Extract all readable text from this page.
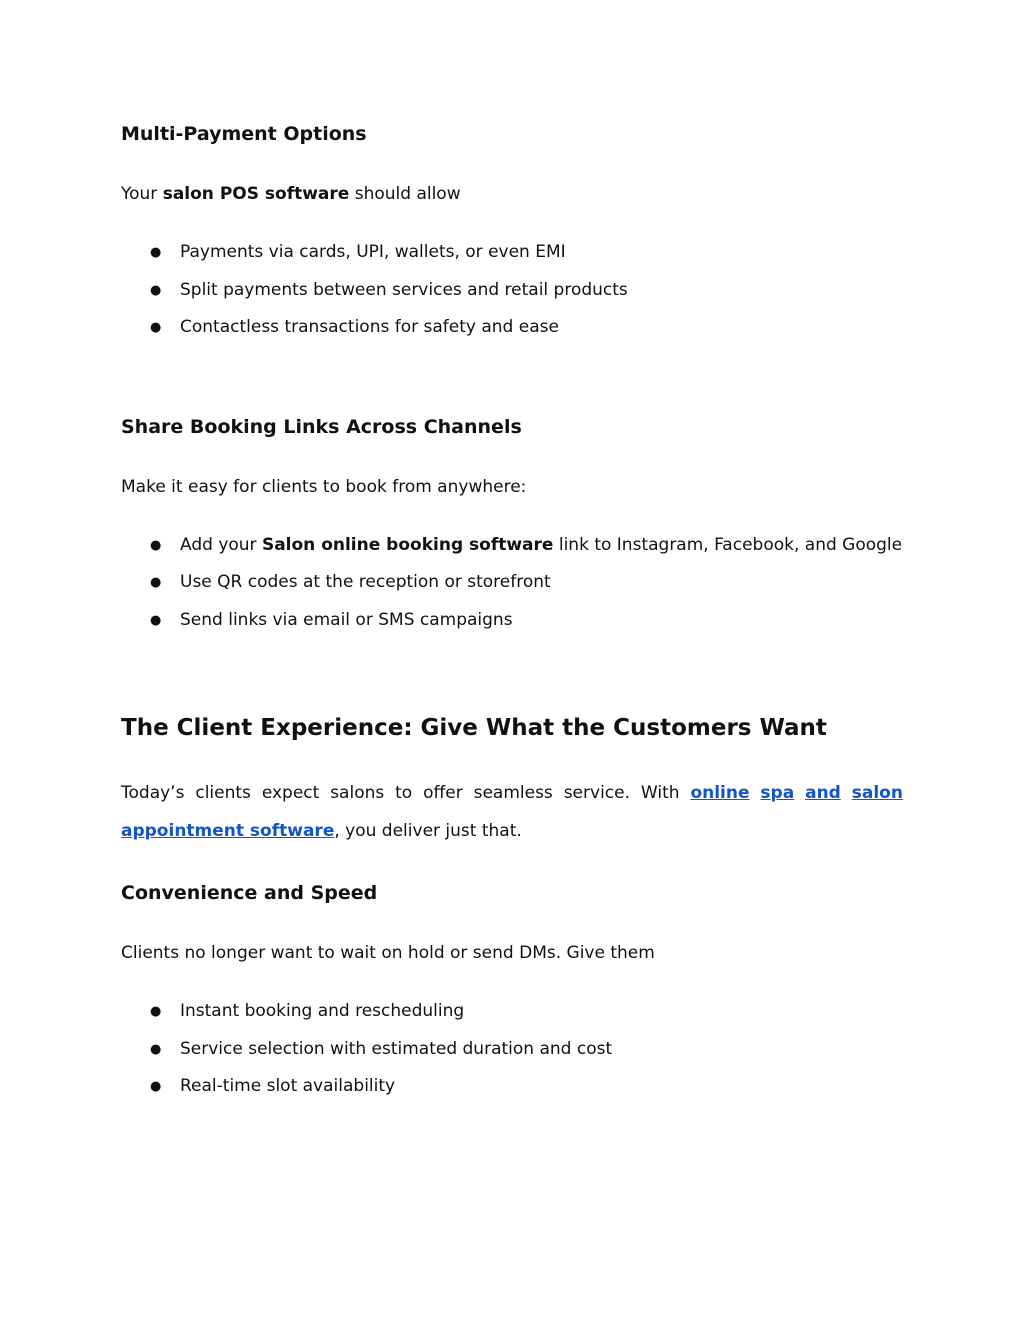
Multi-Payment Options

Your salon POS software should allow

● Payments via cards, UPI, wallets, or even EMI
● Split payments between services and retail products
● Contactless transactions for safety and ease
Share Booking Links Across Channels

Make it easy for clients to book from anywhere:

● Add your Salon online booking software link to Instagram, Facebook, and Google
● Use QR codes at the reception or storefront
● Send links via email or SMS campaigns
The Client Experience: Give What the Customers Want
Today’s clients expect salons to offer seamless service. With online spa and salon

appointment software, you deliver just that.

Convenience and Speed

Clients no longer want to wait on hold or send DMs. Give them

● Instant booking and rescheduling
● Service selection with estimated duration and cost
● Real-time slot availability
